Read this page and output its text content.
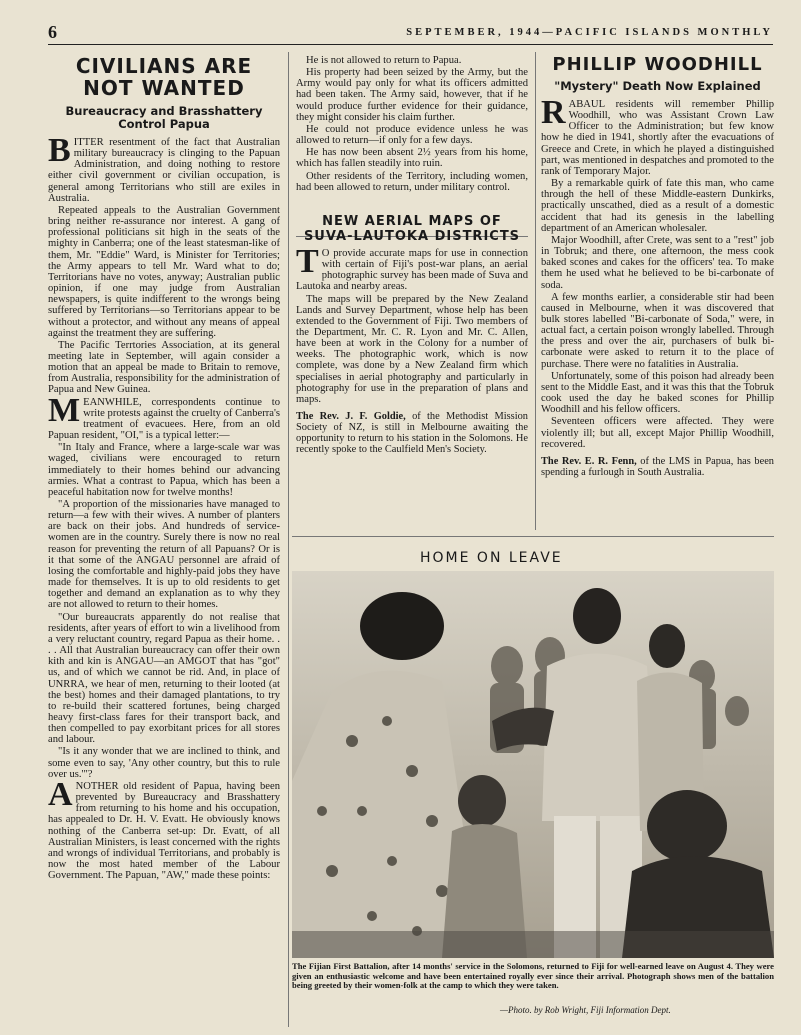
6	SEPTEMBER, 1944—PACIFIC ISLANDS MONTHLY
CIVILIANS ARE NOT WANTED
Bureaucracy and Brasshattery Control Papua

BITTER resentment of the fact that Australian military bureaucracy is clinging to the Papuan Administration, and doing nothing to restore either civil government or civilian occupation, is general among Territorians who still are exiles in Australia.

Repeated appeals to the Australian Government bring neither re-assurance nor interest. A gang of professional politicians sit high in the seats of the mighty in Canberra; one of the least statesman-like of them, Mr. "Eddie" Ward, is Minister for Territories; the Army appears to tell Mr. Ward what to do; Territorians have no votes, anyway; Australian public opinion, if one may judge from Australian newspapers, is quite indifferent to the wrongs being suffered by Territorians—so Territorians appear to be without a protector, and without any means of appeal against the treatment they are suffering.

The Pacific Terrtories Association, at its general meeting late in September, will again consider a motion that an appeal be made to Britain to remove, from Australia, responsibility for the administration of Papua and New Guinea.

MEANWHILE, correspondents continue to write protests against the cruelty of Canberra's treatment of evacuees. Here, from an old Papuan resident, "OI," is a typical letter:—

"In Italy and France, where a large-scale war was waged, civilians were encouraged to return immediately to their homes behind our advancing armies. What a contrast to Papua, which has been a peaceful habitation now for twelve months!

"A proportion of the missionaries have managed to return—a few with their wives. A number of planters are back on their jobs. And hundreds of service-women are in the country. Surely there is now no real reason for preventing the return of all Papuans? Or is it that some of the ANGAU personnel are afraid of losing the comfortable and highly-paid jobs they have made for themselves. It is up to old residents to get together and demand an explanation as to why they are not allowed to return to their homes.

"Our bureaucrats apparently do not realise that residents, after years of effort to win a livelihood from a very reluctant country, regard Papua as their home. . . . All that Australian bureaucracy can offer their own kith and kin is ANGAU—an AMGOT that has "got" us, and of which we cannot be rid. And, in place of UNRRA, we hear of men, returning to their looted (at the best) homes and their damaged plantations, to try to re-build their scattered fortunes, being charged heavy first-class fares for their transport back, and then compelled to pay exorbitant prices for all stores and labour.

"Is it any wonder that we are inclined to think, and some even to say, 'Any other country, but this to rule over us.'"?

ANOTHER old resident of Papua, having been prevented by Bureaucracy and Brasshattery from returning to his home and his occupation, has appealed to Dr. H. V. Evatt. He obviously knows nothing of the Canberra set-up: Dr. Evatt, of all Australian Ministers, is least concerned with the rights and wrongs of individual Territorians, and probably is now the most hated member of the Labour Government. The Papuan, "AW," made these points:

He is not allowed to return to Papua.

His property had been seized by the Army, but the Army would pay only for what its officers admitted had been taken. The Army said, however, that if he would produce further evidence for their guidance, they might consider his claim further.

He could not produce evidence unless he was allowed to return—if only for a few days.

He has now been absent 2½ years from his home, which has fallen steadily into ruin.

Other residents of the Territory, including women, had been allowed to return, under military control.

NEW AERIAL MAPS OF SUVA-LAUTOKA DISTRICTS

T O provide accurate maps for use in connection with certain of Fiji's post-war plans, an aerial photographic survey has been made of Suva and Lautoka and nearby areas.

The maps will be prepared by the New Zealand Lands and Survey Department, whose help has been extended to the Government of Fiji. Two members of the Department, Mr. C. R. Lyon and Mr. C. Allen, have been at work in the Colony for a number of weeks. The photographic work, which is now complete, was done by a New Zealand firm which specialises in aerial photography and particularly in photography for use in the preparation of plans and maps.

The Rev. J. F. Goldie, of the Methodist Mission Society of NZ, is still in Melbourne awaiting the opportunity to return to his station in the Solomons. He recently spoke to the Caulfield Men's Society.
PHILLIP WOODHILL
"Mystery" Death Now Explained

RABAUL residents will remember Phillip Woodhill, who was Assistant Crown Law Officer to the Administration; but few know how he died in 1941, shortly after the evacuations of Greece and Crete, in which he played a distinguished part, was mentioned in despatches and promoted to the rank of Temporary Major.

By a remarkable quirk of fate this man, who came through the hell of these Middle-eastern Dunkirks, practically unscathed, died as a result of a domestic accident that had its genesis in the labelling department of an American wholesaler.

Major Woodhill, after Crete, was sent to a "rest" job in Tobruk; and there, one afternoon, the mess cook baked scones and cakes for the officers' tea. To make them he used what he believed to be bi-carbonate of soda.

A few months earlier, a considerable stir had been caused in Melbourne, when it was discovered that bulk stores labelled "Bi-carbonate of Soda," were, in actual fact, a certain poison wrongly labelled. Through the press and over the air, purchasers of bulk bi-carbonate were asked to return it to the place of purchase. There were no fatalities in Australia.

Unfortunately, some of this poison had already been sent to the Middle East, and it was this that the Tobruk cook used the day he baked scones for Phillip Woodhill and his fellow officers.

Seventeen officers were affected. They were violently ill; but all, except Major Phillip Woodhill, recovered.

The Rev. E. R. Fenn, of the LMS in Papua, has been spending a furlough in South Australia.
HOME ON LEAVE
The Fijian First Battalion, after 14 months' service in the Solomons, returned to Fiji for well-earned leave on August 4. They were given an enthusiastic welcome and have been entertained royally ever since their arrival. Photograph shows men of the battalion being greeted by their women-folk at the camp to which they were taken.
—Photo. by Rob Wright, Fiji Information Dept.
